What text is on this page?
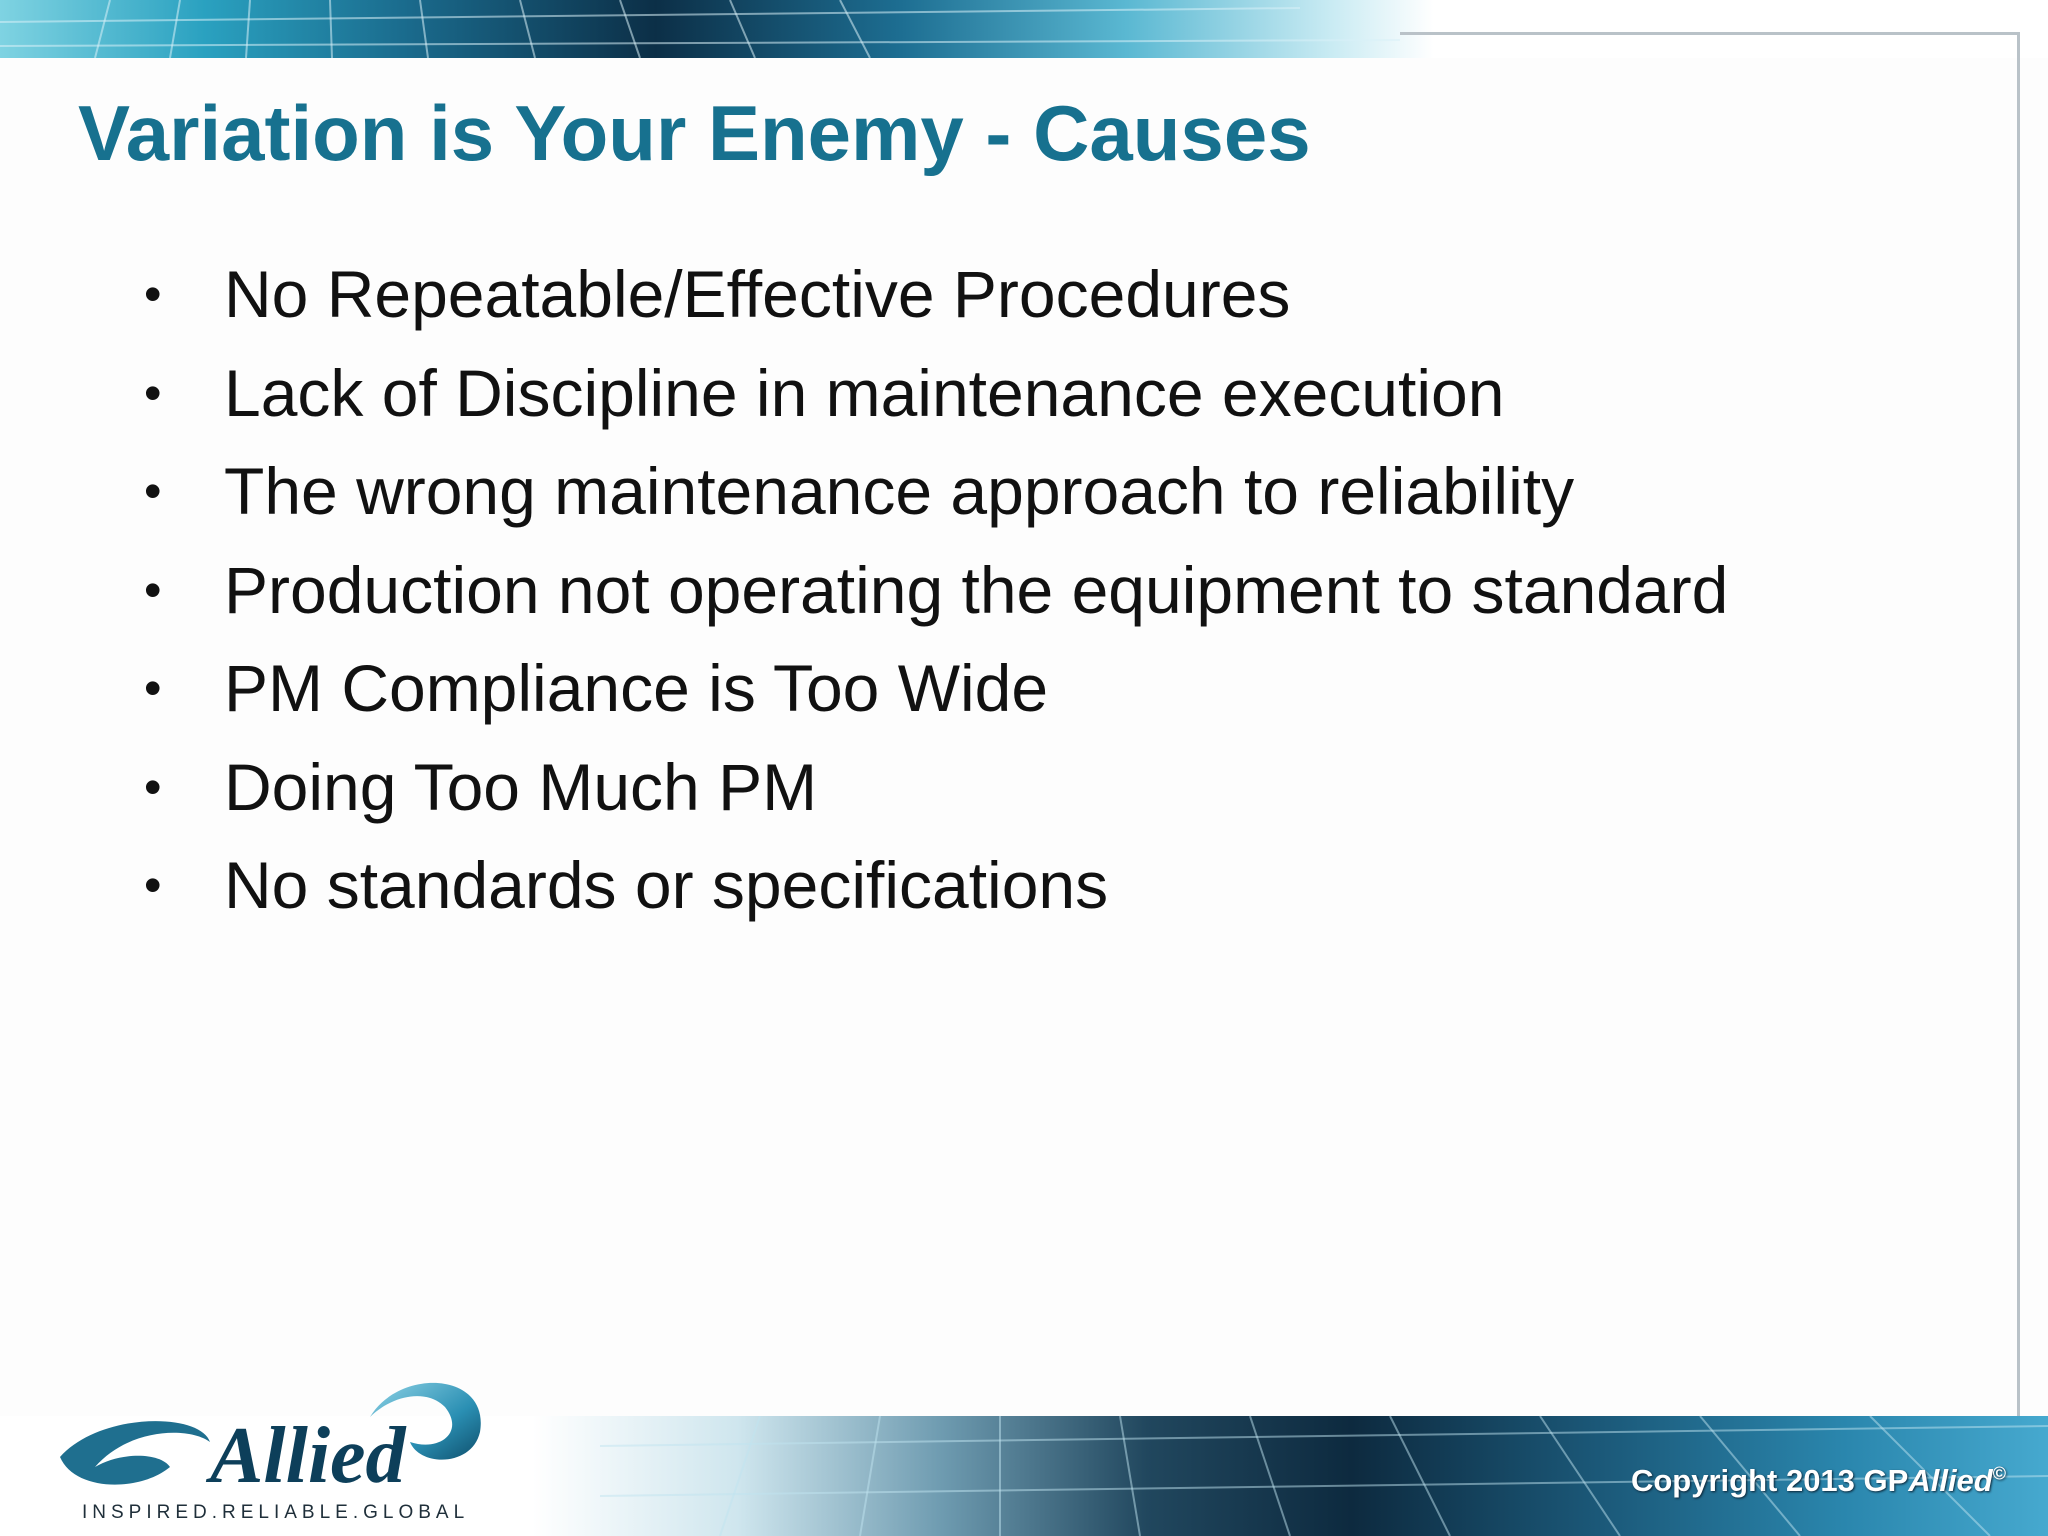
Variation is Your Enemy - Causes
• No Repeatable/Effective Procedures
• Lack of Discipline in maintenance execution
• The wrong maintenance approach to reliability
• Production not operating the equipment to standard
• PM Compliance is Too Wide
• Doing Too Much PM
• No standards or specifications
Allied
INSPIRED.RELIABLE.GLOBAL
Copyright 2013 GPAllied©
